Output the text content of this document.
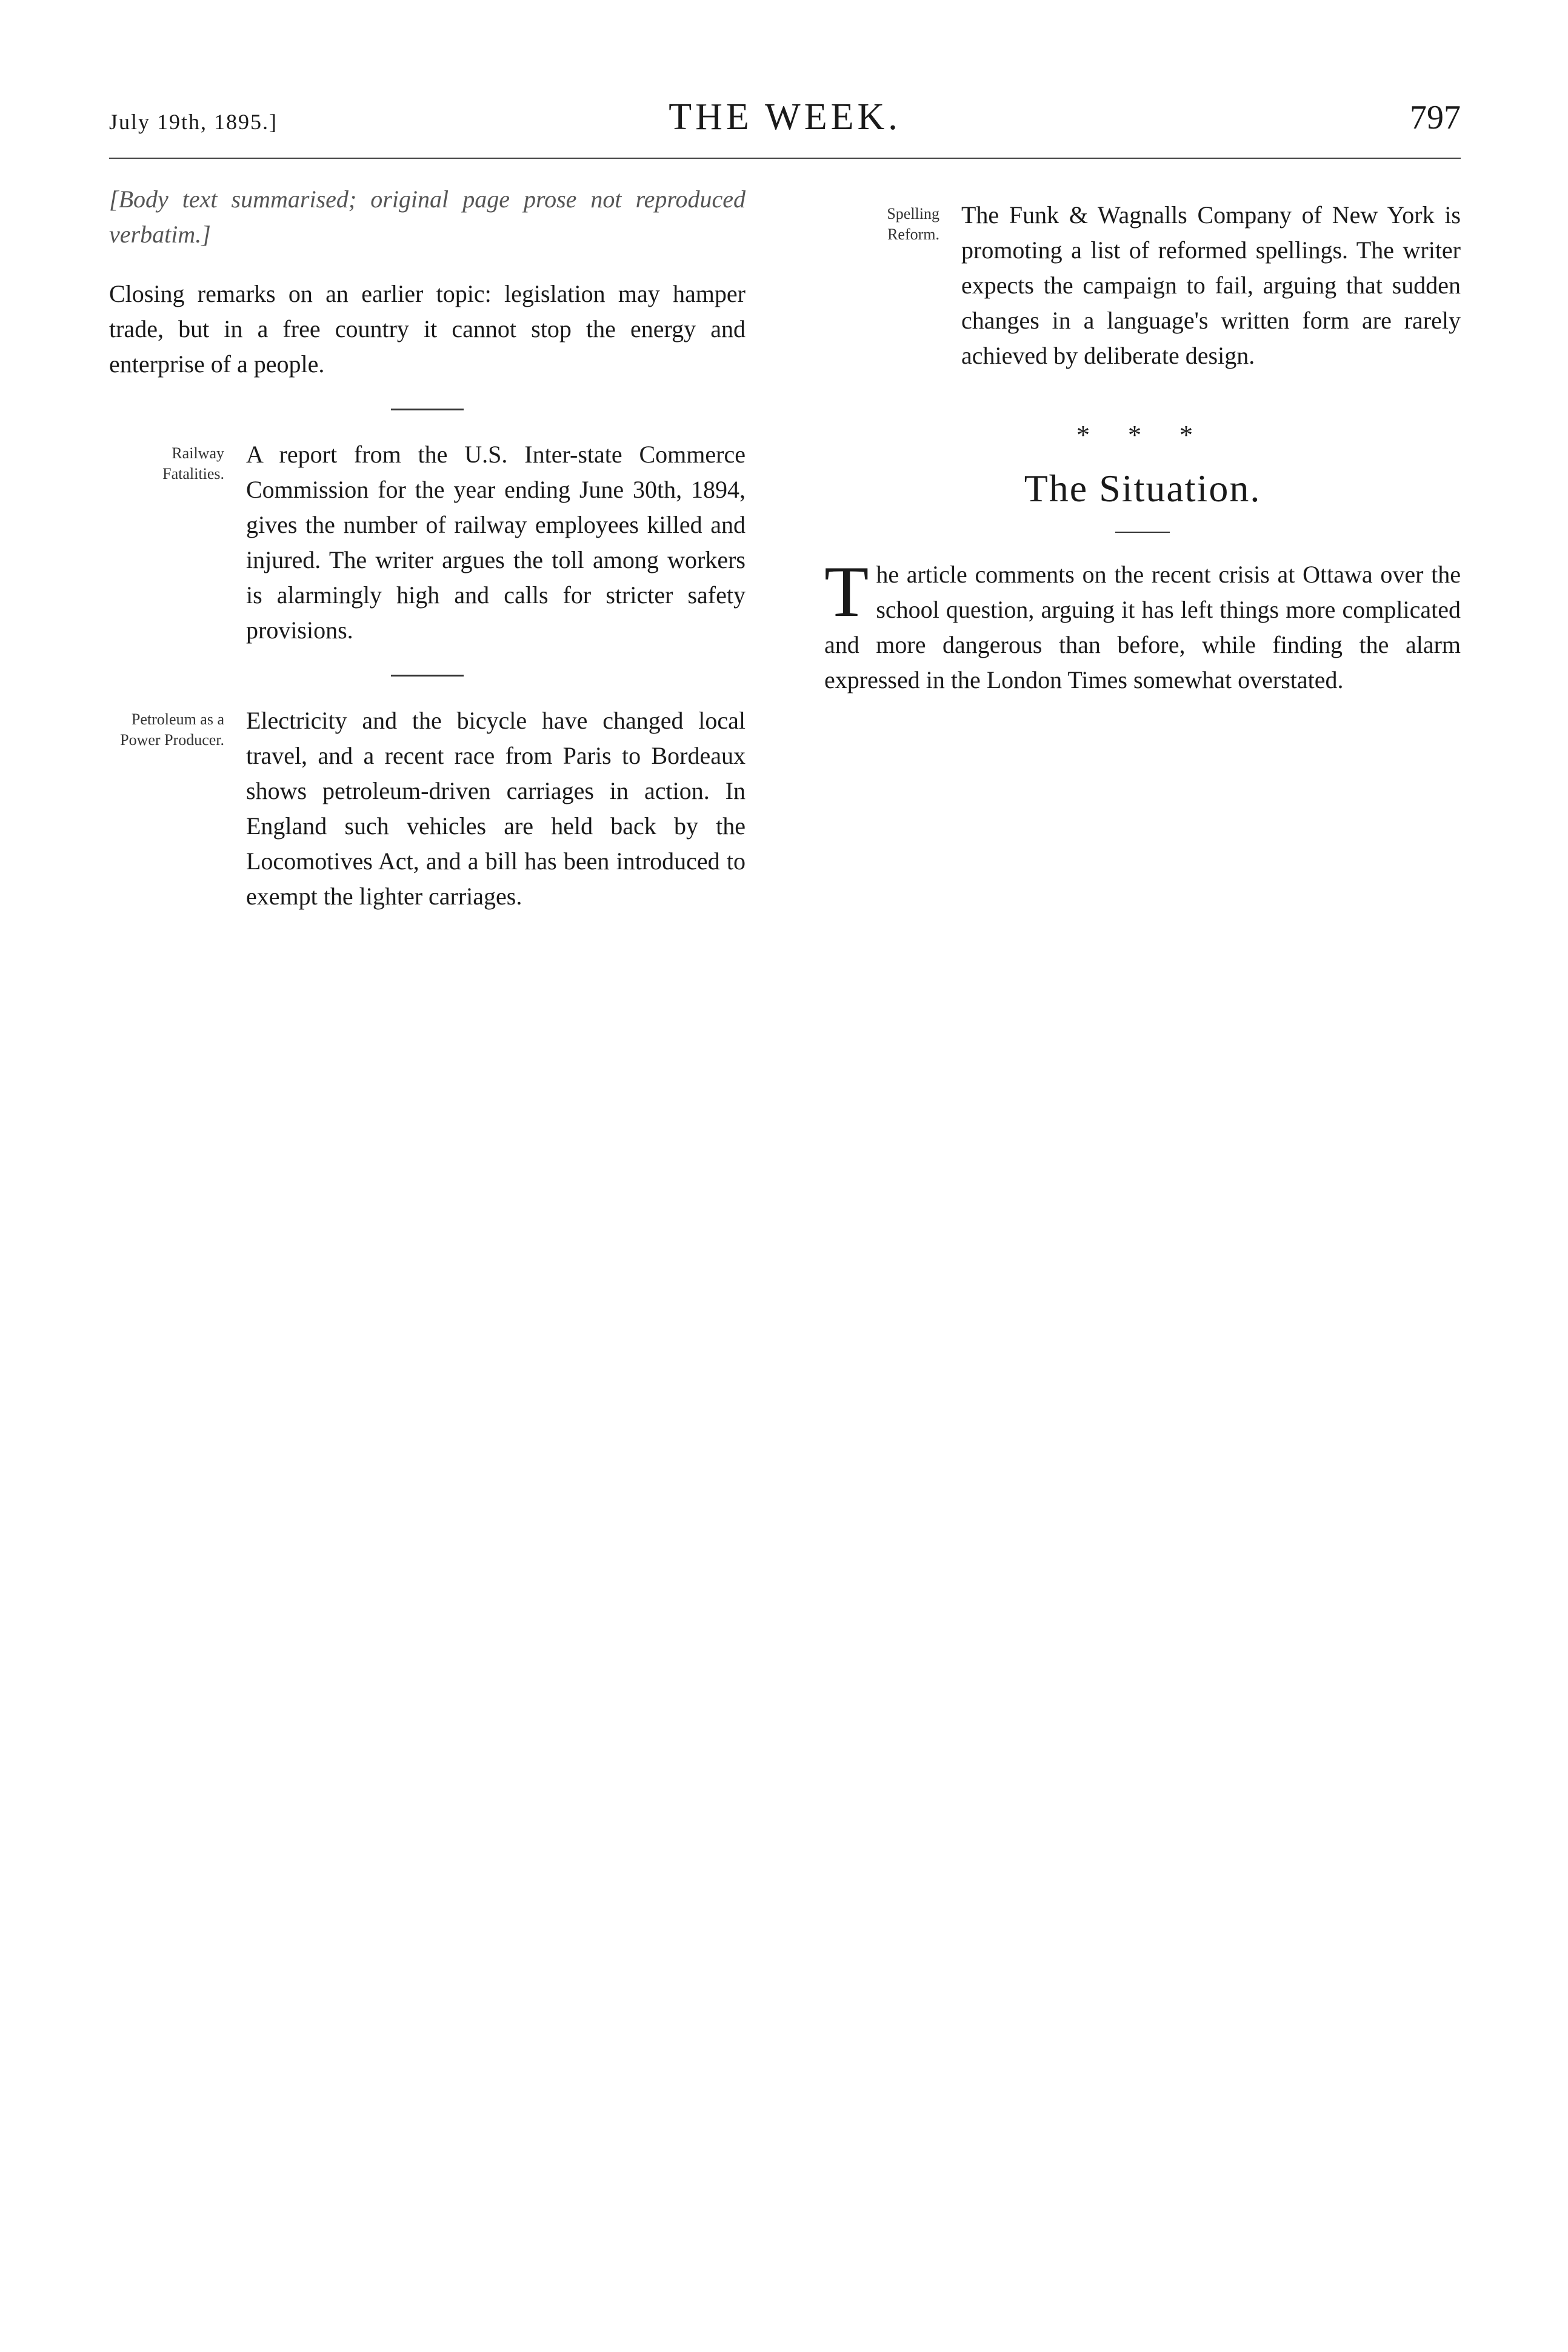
July 19th, 1895.]	THE WEEK.	797

[Body text summarised; original page prose not reproduced verbatim.]

Closing remarks on an earlier topic: legislation may hamper trade, but in a free country it cannot stop the energy and enterprise of a people.

Railway
Fatalities.
A report from the U.S. Inter-state Commerce Commission for the year ending June 30th, 1894, gives the number of railway employees killed and injured. The writer argues the toll among workers is alarmingly high and calls for stricter safety provisions.
Petroleum as a
Power Producer.
Electricity and the bicycle have changed local travel, and a recent race from Paris to Bordeaux shows petroleum-driven carriages in action. In England such vehicles are held back by the Locomotives Act, and a bill has been introduced to exempt the lighter carriages.
Spelling
Reform.
The Funk & Wagnalls Company of New York is promoting a list of reformed spellings. The writer expects the campaign to fail, arguing that sudden changes in a language's written form are rarely achieved by deliberate design.
* * *
The Situation.

The article comments on the recent crisis at Ottawa over the school question, arguing it has left things more complicated and more dangerous than before, while finding the alarm expressed in the London Times somewhat overstated.
